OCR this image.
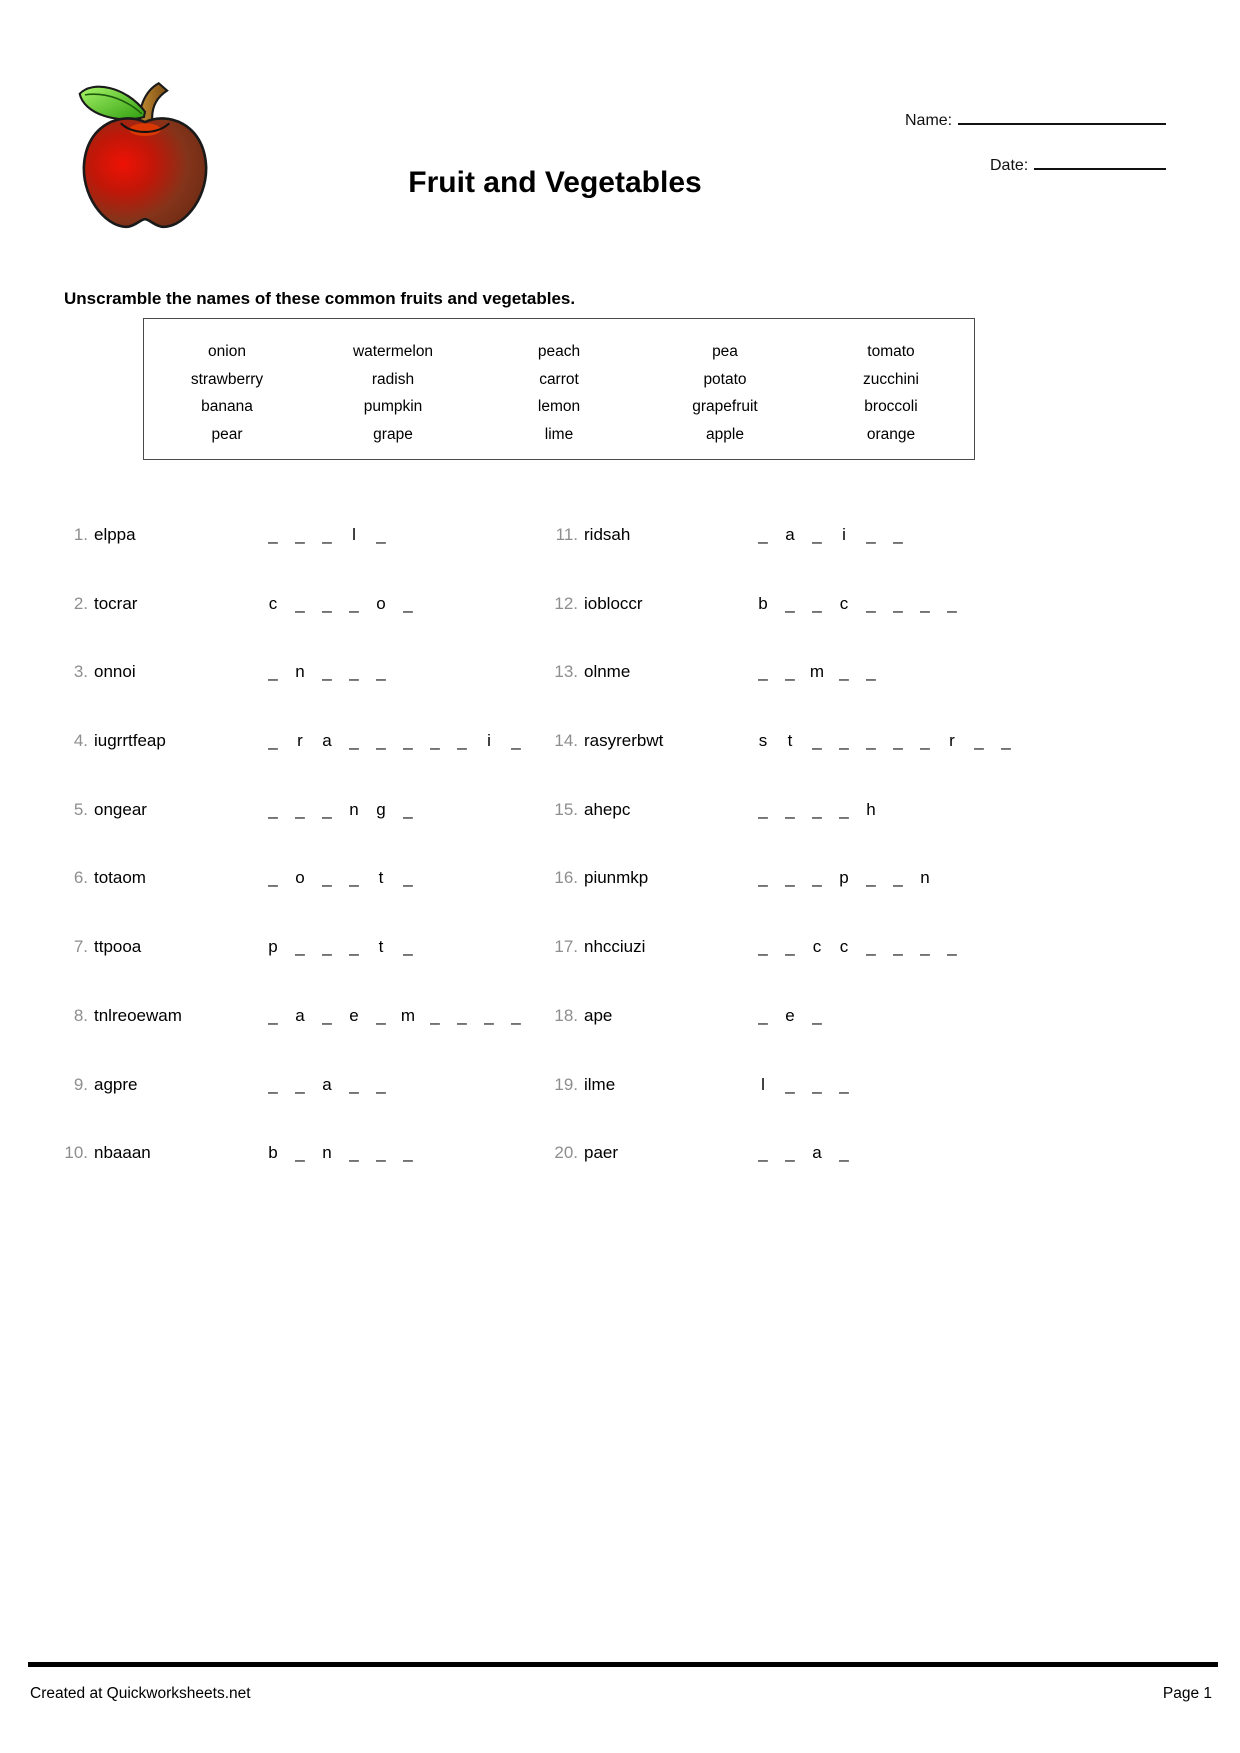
Fruit and Vegetables
Name:
Date:

Unscramble the names of these common fruits and vegetables.

onion	watermelon	peach	pea	tomato
strawberry	radish	carrot	potato	zucchini
banana	pumpkin	lemon	grapefruit	broccoli
pear	grape	lime	apple	orange
1. elppa	_ _ _ l _
2. tocrar	c _ _ _ o _
3. onnoi	_ n _ _ _
4. iugrrtfeap	_ r a _ _ _ _ _ i _
5. ongear	_ _ _ n g _
6. totaom	_ o _ _ t _
7. ttpooa	p _ _ _ t _
8. tnlreoewam	_ a _ e _ m _ _ _ _
9. agpre	_ _ a _ _
10. nbaaan	b _ n _ _ _
11. ridsah	_ a _ i _ _
12. iobloccr	b _ _ c _ _ _ _
13. olnme	_ _ m _ _
14. rasyrerbwt	s t _ _ _ _ _ r _ _
15. ahepc	_ _ _ _ h
16. piunmkp	_ _ _ p _ _ n
17. nhcciuzi	_ _ c c _ _ _ _
18. ape	_ e _
19. ilme	l _ _ _
20. paer	_ _ a _
Created at Quickworksheets.net	Page 1
